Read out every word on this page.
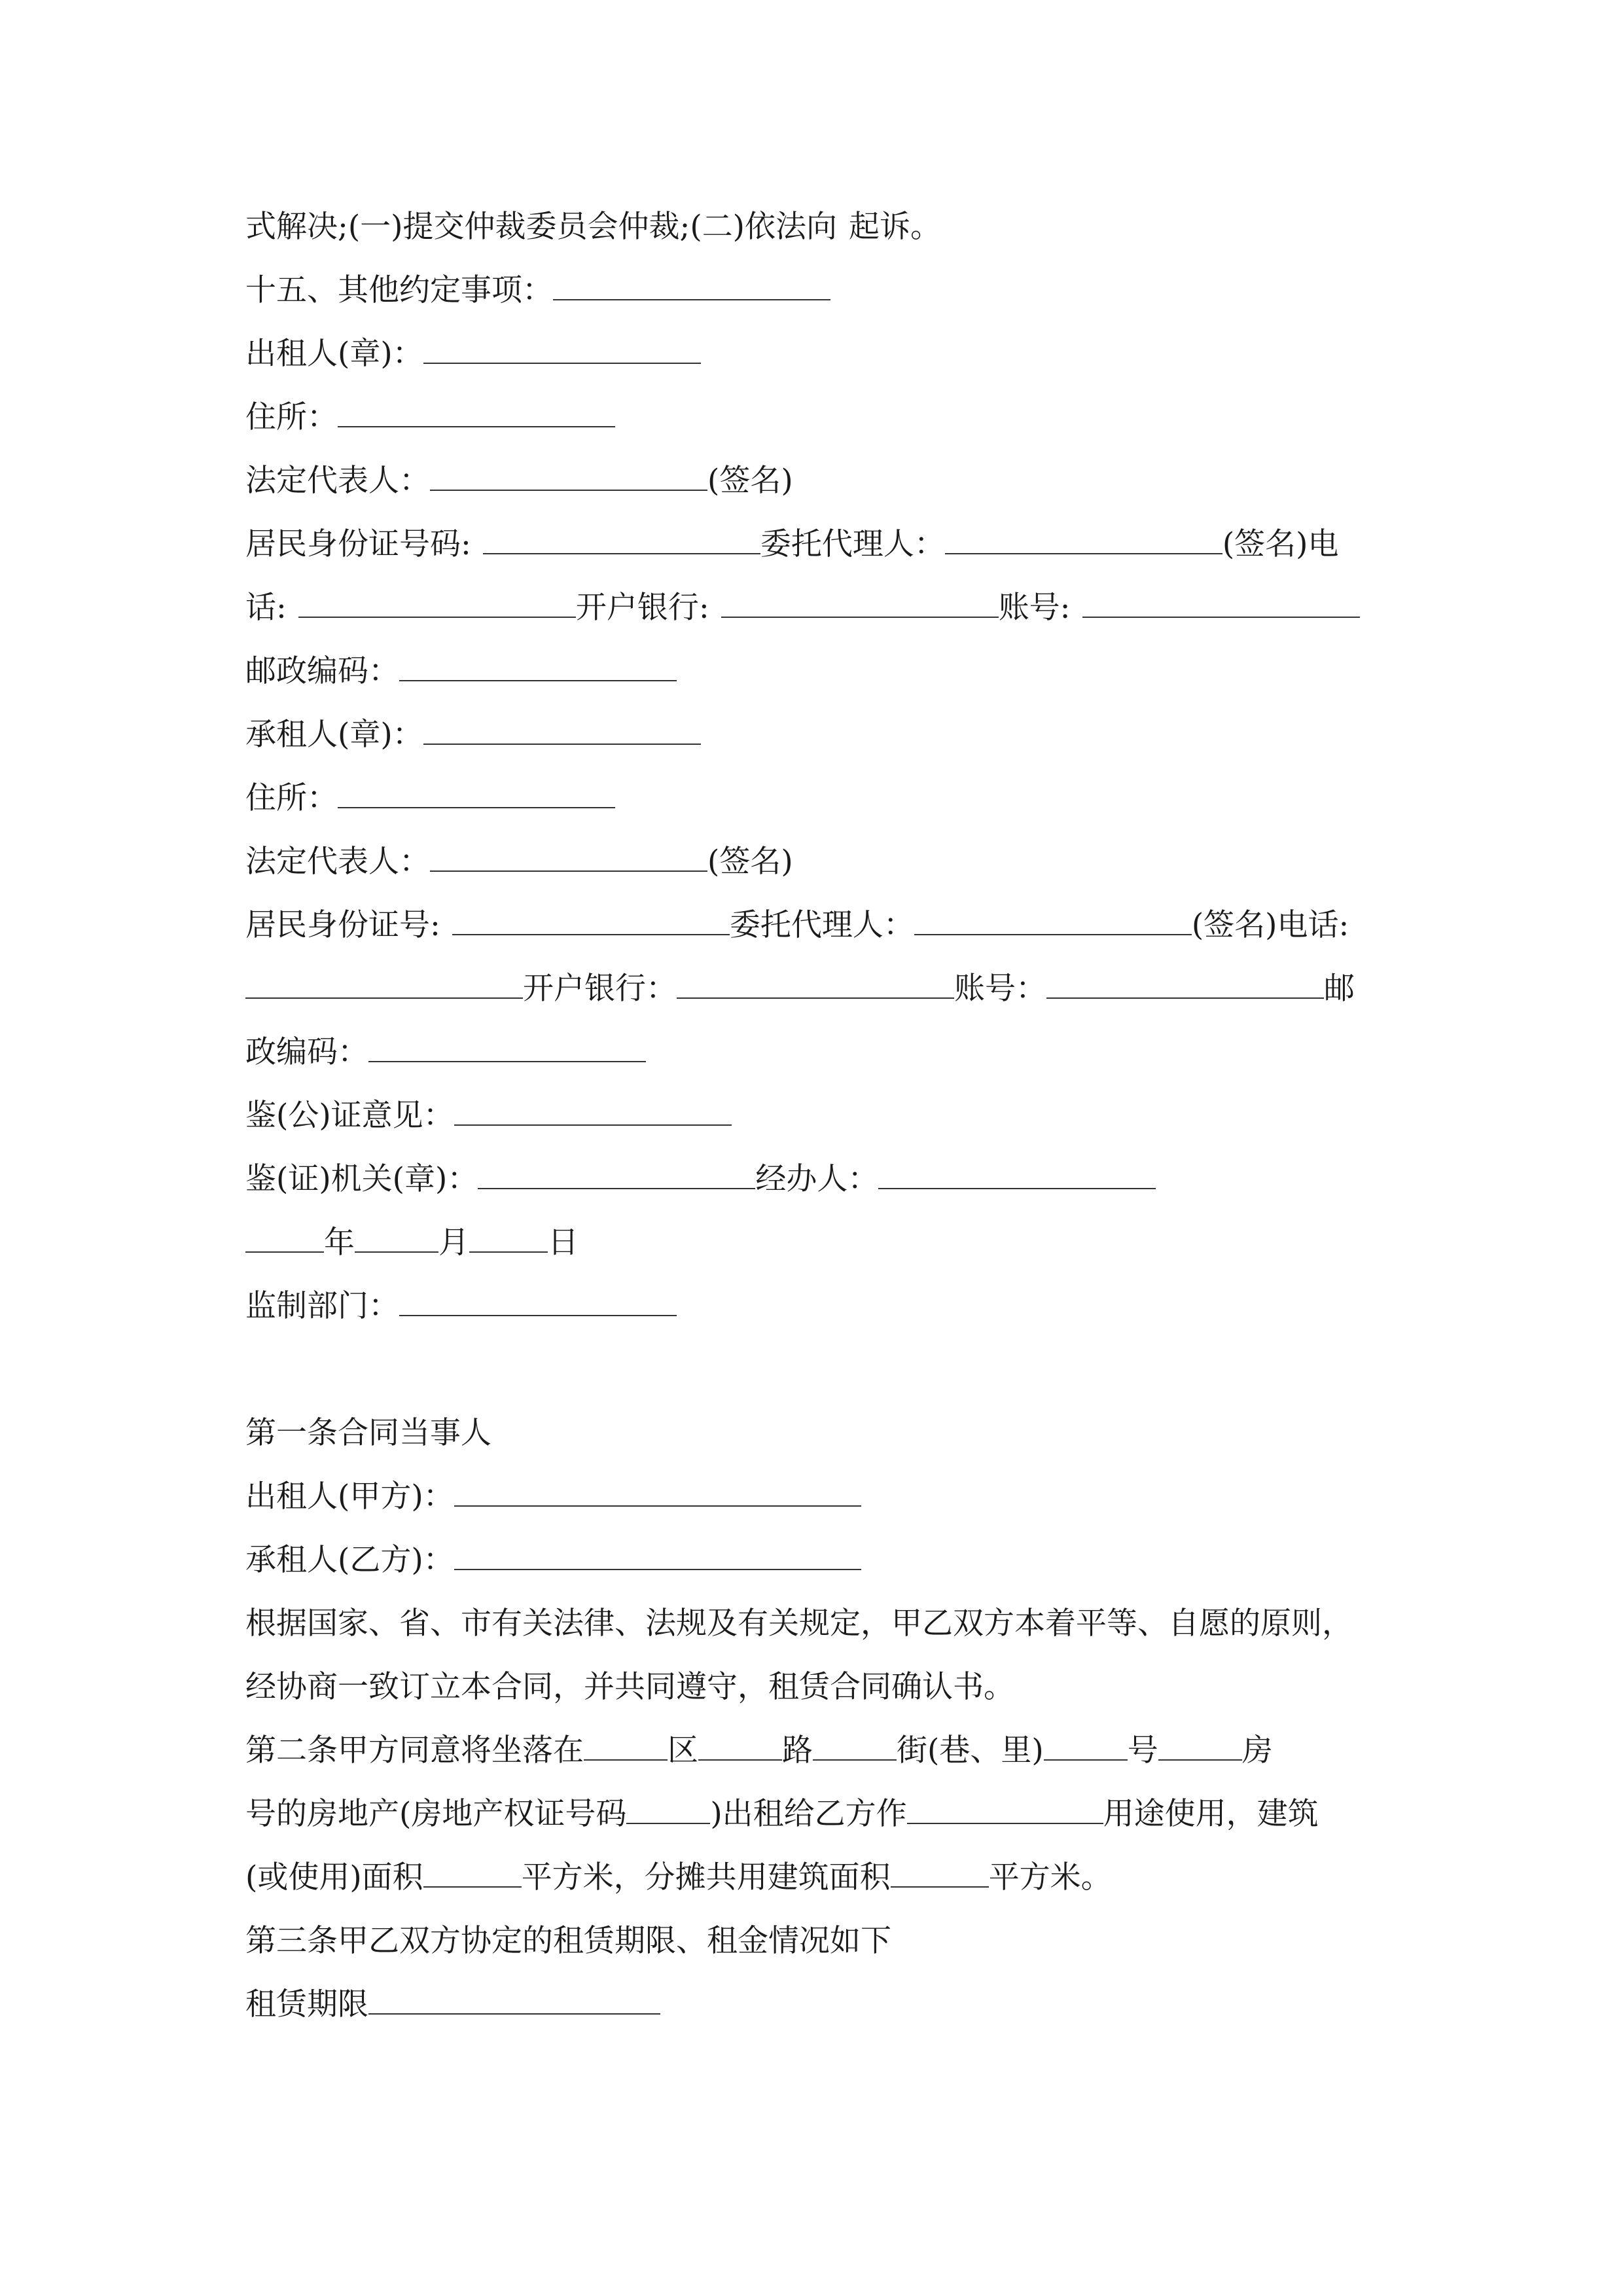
式解决;(一)提交仲裁委员会仲裁;(二)依法向 起诉。
十五、其他约定事项：
出租人(章)：
住所：
法定代表人：	(签名)
居民身份证号码:	委托代理人：	(签名)电
话:	开户银行:	账号:
邮政编码：
承租人(章)：
住所：
法定代表人：	(签名)
居民身份证号:	委托代理人：	(签名)电话:
开户银行：	账号：	邮
政编码：
鉴(公)证意见：
鉴(证)机关(章)：	经办人：
年	月	日
监制部门：
第一条合同当事人
出租人(甲方)：
承租人(乙方)：
根据国家、省、市有关法律、法规及有关规定，甲乙双方本着平等、自愿的原则，
经协商一致订立本合同，并共同遵守，租赁合同确认书。
第二条甲方同意将坐落在	区	路	街(巷、里)	号	房
号的房地产(房地产权证号码	)出租给乙方作	用途使用，建筑
(或使用)面积	平方米，分摊共用建筑面积	平方米。
第三条甲乙双方协定的租赁期限、租金情况如下
租赁期限
